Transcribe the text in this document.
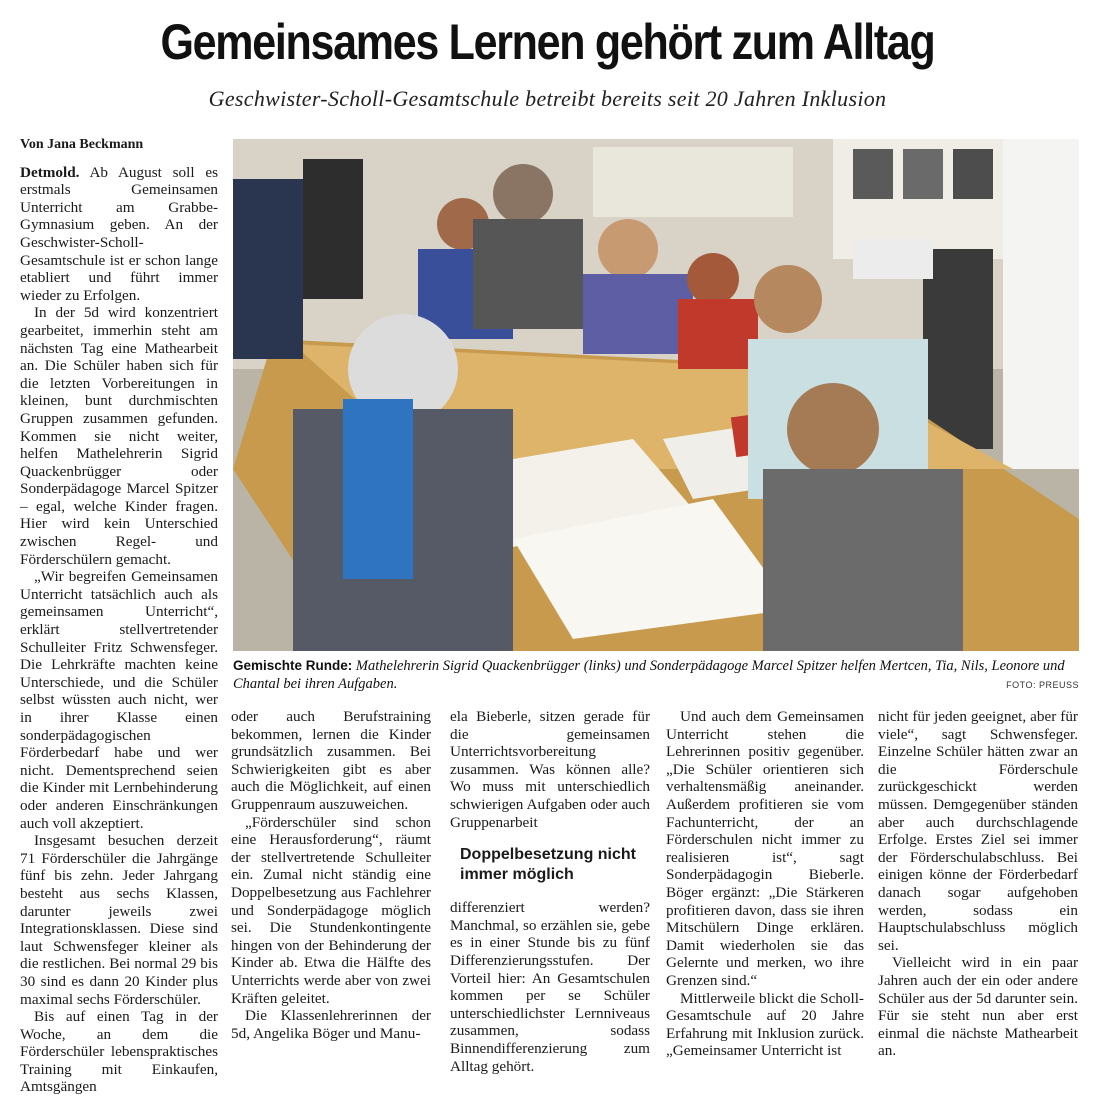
Gemeinsames Lernen gehört zum Alltag
Geschwister-Scholl-Gesamtschule betreibt bereits seit 20 Jahren Inklusion

Von Jana Beckmann

Detmold. Ab August soll es erstmals Gemeinsamen Unterricht am Grabbe-Gymnasium geben. An der Geschwister-Scholl-Gesamtschule ist er schon lange etabliert und führt immer wieder zu Erfolgen.

In der 5d wird konzentriert gearbeitet, immerhin steht am nächsten Tag eine Mathearbeit an. Die Schüler haben sich für die letzten Vorbereitungen in kleinen, bunt durchmischten Gruppen zusammen gefunden. Kommen sie nicht weiter, helfen Mathelehrerin Sigrid Quackenbrügger oder Sonderpädagoge Marcel Spitzer – egal, welche Kinder fragen. Hier wird kein Unterschied zwischen Regel- und Förderschülern gemacht.

„Wir begreifen Gemeinsamen Unterricht tatsächlich auch als gemeinsamen Unterricht“, erklärt stellvertretender Schulleiter Fritz Schwensfeger. Die Lehrkräfte machten keine Unterschiede, und die Schüler selbst wüssten auch nicht, wer in ihrer Klasse einen sonderpädagogischen Förderbedarf habe und wer nicht. Dementsprechend seien die Kinder mit Lernbehinderung oder anderen Einschränkungen auch voll akzeptiert.

Insgesamt besuchen derzeit 71 Förderschüler die Jahrgänge fünf bis zehn. Jeder Jahrgang besteht aus sechs Klassen, darunter jeweils zwei Integrationsklassen. Diese sind laut Schwensfeger kleiner als die restlichen. Bei normal 29 bis 30 sind es dann 20 Kinder plus maximal sechs Förderschüler.

Bis auf einen Tag in der Woche, an dem die Förderschüler lebenspraktisches Training mit Einkaufen, Amtsgängen

Gemischte Runde: Mathelehrerin Sigrid Quackenbrügger (links) und Sonderpädagoge Marcel Spitzer helfen Mertcen, Tia, Nils, Leonore und Chantal bei ihren Aufgaben.	FOTO: PREUSS

oder auch Berufstraining bekommen, lernen die Kinder grundsätzlich zusammen. Bei Schwierigkeiten gibt es aber auch die Möglichkeit, auf einen Gruppenraum auszuweichen.

„Förderschüler sind schon eine Herausforderung“, räumt der stellvertretende Schulleiter ein. Zumal nicht ständig eine Doppelbesetzung aus Fachlehrer und Sonderpädagoge möglich sei. Die Stundenkontingente hingen von der Behinderung der Kinder ab. Etwa die Hälfte des Unterrichts werde aber von zwei Kräften geleitet.

Die Klassenlehrerinnen der 5d, Angelika Böger und Manu-

ela Bieberle, sitzen gerade für die gemeinsamen Unterrichtsvorbereitung zusammen. Was können alle? Wo muss mit unterschiedlich schwierigen Aufgaben oder auch Gruppenarbeit

Doppelbesetzung nicht immer möglich

differenziert werden? Manchmal, so erzählen sie, gebe es in einer Stunde bis zu fünf Differenzierungsstufen. Der Vorteil hier: An Gesamtschulen kommen per se Schüler unterschiedlichster Lernniveaus zusammen, sodass Binnendifferenzierung zum Alltag gehört.

Und auch dem Gemeinsamen Unterricht stehen die Lehrerinnen positiv gegenüber. „Die Schüler orientieren sich verhaltensmäßig aneinander. Außerdem profitieren sie vom Fachunterricht, der an Förderschulen nicht immer zu realisieren ist“, sagt Sonderpädagogin Bieberle. Böger ergänzt: „Die Stärkeren profitieren davon, dass sie ihren Mitschülern Dinge erklären. Damit wiederholen sie das Gelernte und merken, wo ihre Grenzen sind.“

Mittlerweile blickt die Scholl-Gesamtschule auf 20 Jahre Erfahrung mit Inklusion zurück. „Gemeinsamer Unterricht ist

nicht für jeden geeignet, aber für viele“, sagt Schwensfeger. Einzelne Schüler hätten zwar an die Förderschule zurückgeschickt werden müssen. Demgegenüber ständen aber auch durchschlagende Erfolge. Erstes Ziel sei immer der Förderschulabschluss. Bei einigen könne der Förderbedarf danach sogar aufgehoben werden, sodass ein Hauptschulabschluss möglich sei.

Vielleicht wird in ein paar Jahren auch der ein oder andere Schüler aus der 5d darunter sein. Für sie steht nun aber erst einmal die nächste Mathearbeit an.
